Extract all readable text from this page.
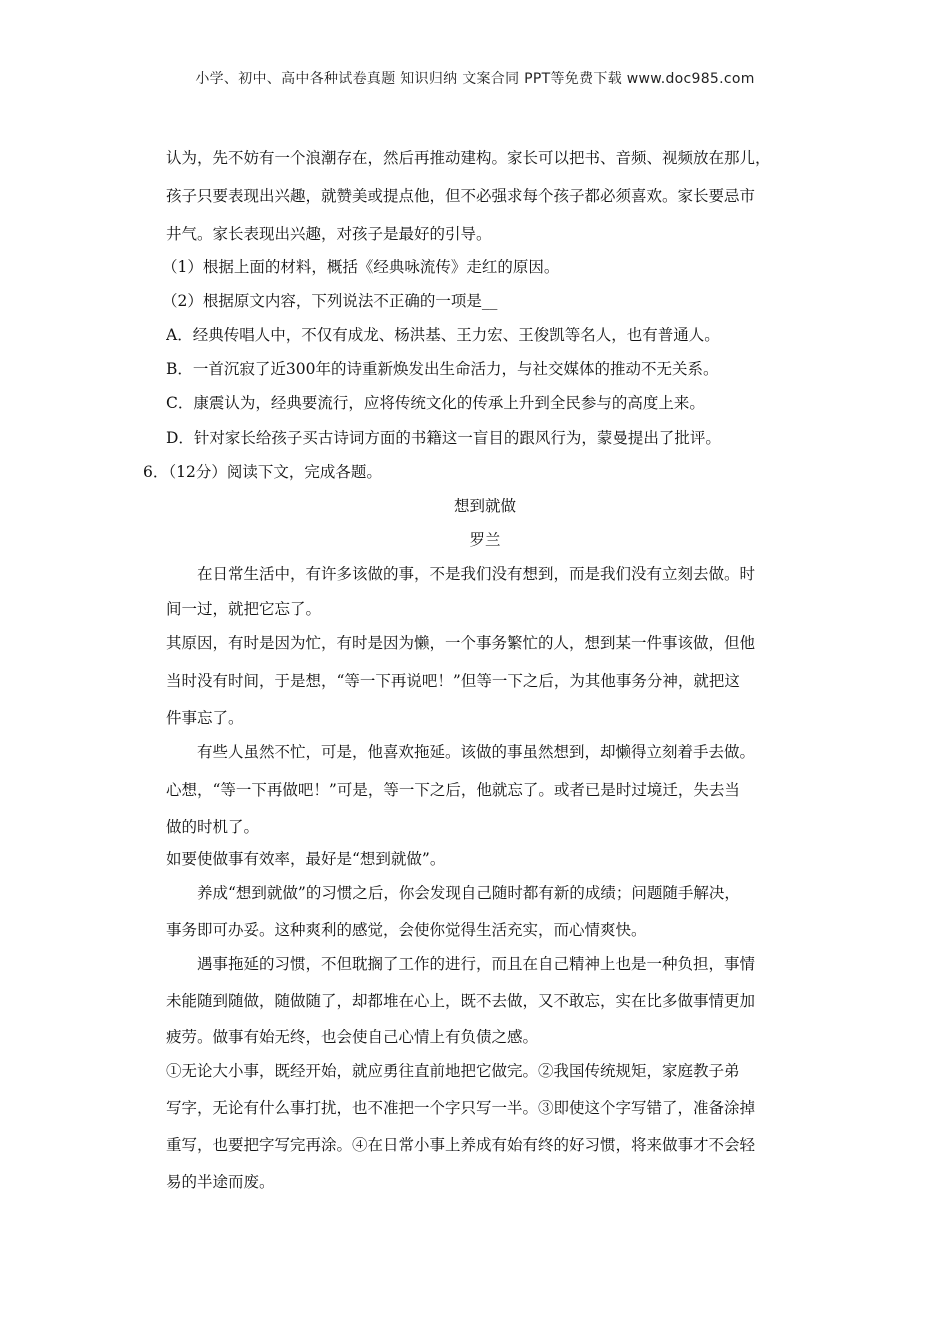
小学、初中、高中各种试卷真题 知识归纳 文案合同 PPT等免费下载 www.doc985.com
认为，先不妨有一个浪潮存在，然后再推动建构。家长可以把书、音频、视频放在那儿，
孩子只要表现出兴趣，就赞美或提点他，但不必强求每个孩子都必须喜欢。家长要忌市
井气。家长表现出兴趣，对孩子是最好的引导。
（1）根据上面的材料，概括《经典咏流传》走红的原因。
（2）根据原文内容，下列说法不正确的一项是__
A．经典传唱人中，不仅有成龙、杨洪基、王力宏、王俊凯等名人，也有普通人。
B．一首沉寂了近300年的诗重新焕发出生命活力，与社交媒体的推动不无关系。
C．康震认为，经典要流行，应将传统文化的传承上升到全民参与的高度上来。
D．针对家长给孩子买古诗词方面的书籍这一盲目的跟风行为，蒙曼提出了批评。
6．（12分）阅读下文，完成各题。
想到就做
罗兰
　　在日常生活中，有许多该做的事，不是我们没有想到，而是我们没有立刻去做。时
间一过，就把它忘了。
其原因，有时是因为忙，有时是因为懒，一个事务繁忙的人，想到某一件事该做，但他
当时没有时间，于是想，“等一下再说吧！”但等一下之后，为其他事务分神，就把这
件事忘了。
　　有些人虽然不忙，可是，他喜欢拖延。该做的事虽然想到，却懒得立刻着手去做。
心想，“等一下再做吧！”可是，等一下之后，他就忘了。或者已是时过境迁，失去当
做的时机了。
如要使做事有效率，最好是“想到就做”。
　　养成“想到就做”的习惯之后，你会发现自己随时都有新的成绩；问题随手解决，
事务即可办妥。这种爽利的感觉，会使你觉得生活充实，而心情爽快。
　　遇事拖延的习惯，不但耽搁了工作的进行，而且在自己精神上也是一种负担，事情
未能随到随做，随做随了，却都堆在心上，既不去做，又不敢忘，实在比多做事情更加
疲劳。做事有始无终，也会使自己心情上有负债之感。
①无论大小事，既经开始，就应勇往直前地把它做完。②我国传统规矩，家庭教子弟
写字，无论有什么事打扰，也不准把一个字只写一半。③即使这个字写错了，准备涂掉
重写，也要把字写完再涂。④在日常小事上养成有始有终的好习惯，将来做事才不会轻
易的半途而废。
